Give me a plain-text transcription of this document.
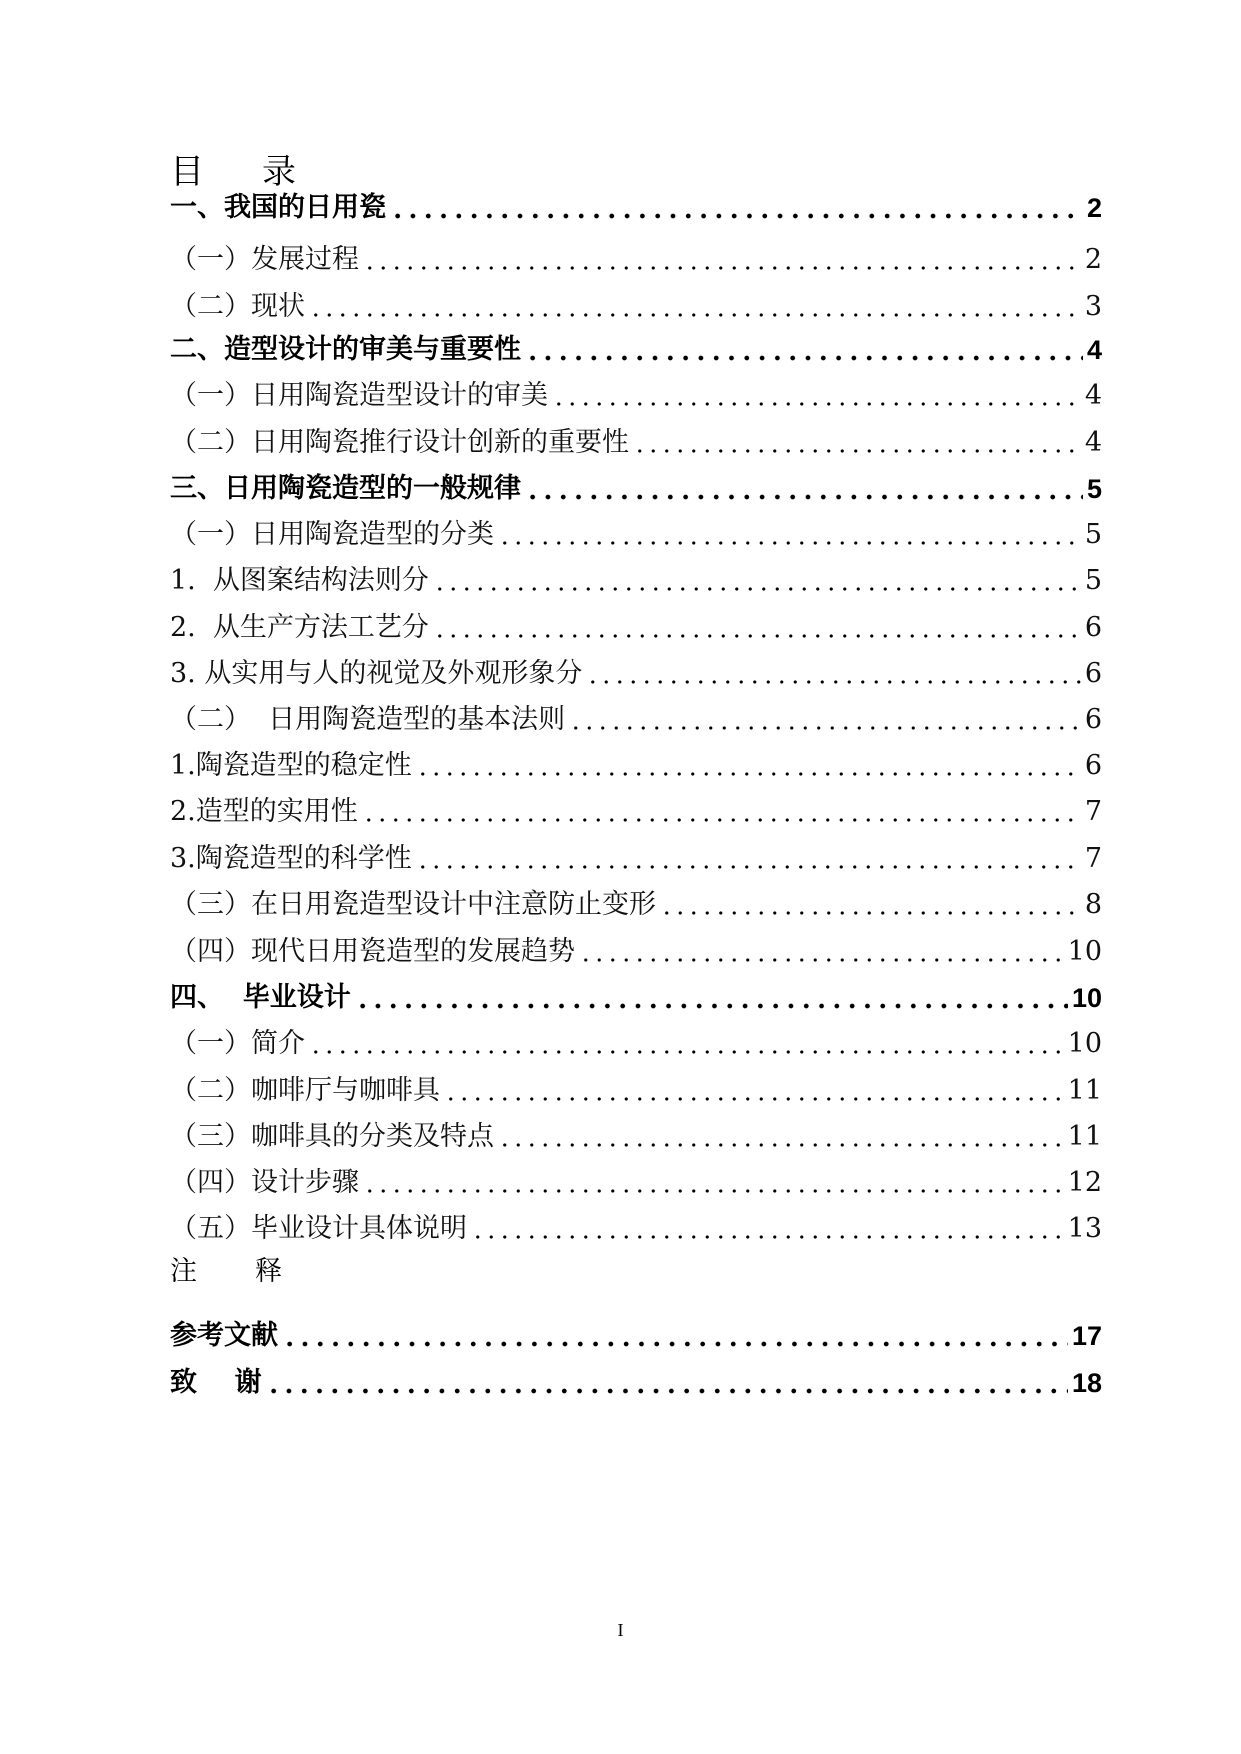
目 录
一、我国的日用瓷	2
（一）发展过程	2
（二）现状	3
二、造型设计的审美与重要性	4
（一）日用陶瓷造型设计的审美	4
（二）日用陶瓷推行设计创新的重要性	4
三、日用陶瓷造型的一般规律	5
（一）日用陶瓷造型的分类	5
1.  从图案结构法则分	5
2.  从生产方法工艺分	6
3. 从实用与人的视觉及外观形象分	6
（二）  日用陶瓷造型的基本法则	6
1.陶瓷造型的稳定性	6
2.造型的实用性	7
3.陶瓷造型的科学性	7
（三）在日用瓷造型设计中注意防止变形	8
（四）现代日用瓷造型的发展趋势	10
四、  毕业设计	10
（一）简介	10
（二）咖啡厅与咖啡具	11
（三）咖啡具的分类及特点	11
（四）设计步骤	12
（五）毕业设计具体说明	13
注 释
参考文献	17
致    谢	18
I
